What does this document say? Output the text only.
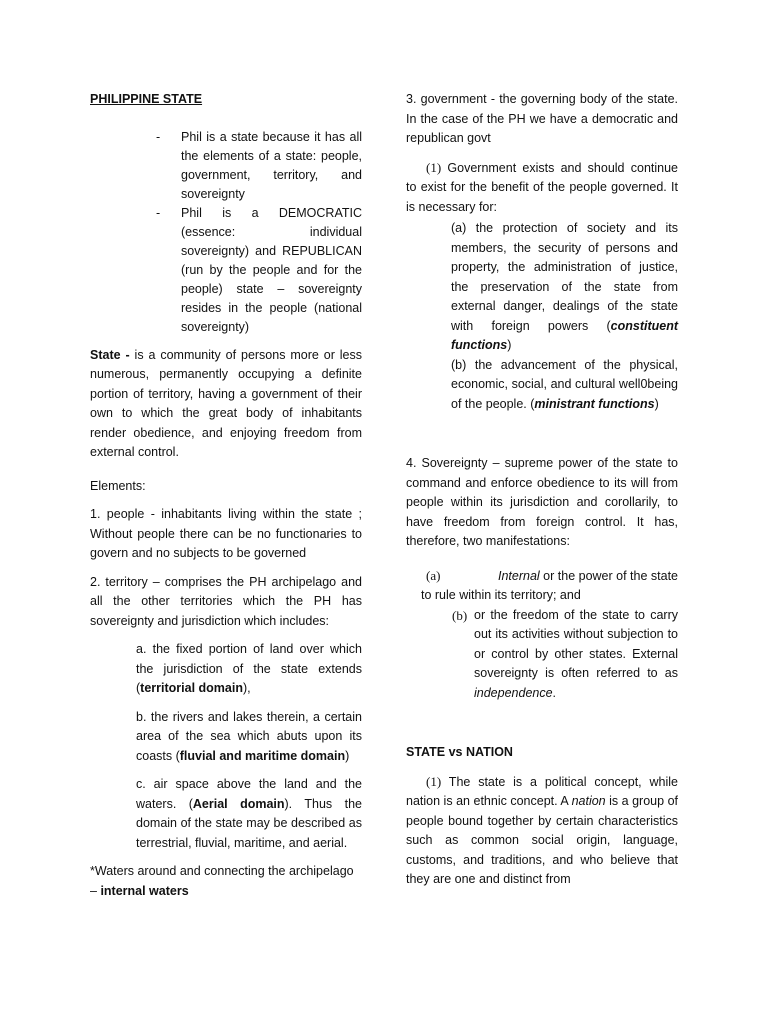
PHILIPPINE STATE
- Phil is a state because it has all the elements of a state: people, government, territory, and sovereignty
- Phil is a DEMOCRATIC (essence: individual sovereignty) and REPUBLICAN (run by the people and for the people) state – sovereignty resides in the people (national sovereignty)

State - is a community of persons more or less numerous, permanently occupying a definite portion of territory, having a government of their own to which the great body of inhabitants render obedience, and enjoying freedom from external control.

Elements:

1. people - inhabitants living within the state ; Without people there can be no functionaries to govern and no subjects to be governed

2. territory – comprises the PH archipelago and all the other territories which the PH has sovereignty and jurisdiction which includes:

a. the fixed portion of land over which the jurisdiction of the state extends (territorial domain),

b. the rivers and lakes therein, a certain area of the sea which abuts upon its coasts (fluvial and maritime domain)

c. air space above the land and the waters. (Aerial domain). Thus the domain of the state may be described as terrestrial, fluvial, maritime, and aerial.

*Waters around and connecting the archipelago – internal waters

3. government - the governing body of the state. In the case of the PH we have a democratic and republican govt

(1) Government exists and should continue to exist for the benefit of the people governed. It is necessary for:

(a) the protection of society and its members, the security of persons and property, the administration of justice, the preservation of the state from external danger, dealings of the state with foreign powers (constituent functions)

(b) the advancement of the physical, economic, social, and cultural well0being of the people. (ministrant functions)

4. Sovereignty – supreme power of the state to command and enforce obedience to its will from people within its jurisdiction and corollarily, to have freedom from foreign control. It has, therefore, two manifestations:

(a)	Internal or the power of the state to rule within its territory; and

(b) or the freedom of the state to carry out its activities without subjection to or control by other states. External sovereignty is often referred to as independence.

STATE vs NATION

(1) The state is a political concept, while nation is an ethnic concept. A nation is a group of people bound together by certain characteristics such as common social origin, language, customs, and traditions, and who believe that they are one and distinct from
